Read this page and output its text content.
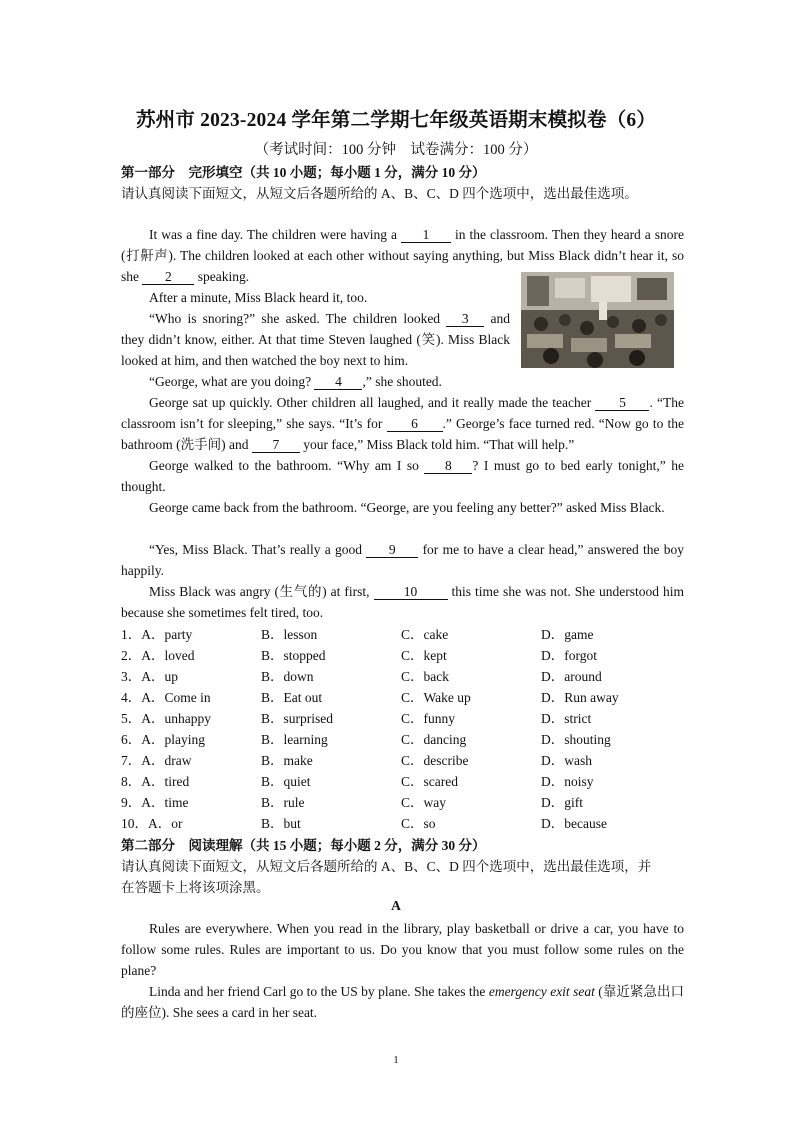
苏州市 2023-2024 学年第二学期七年级英语期末模拟卷（6）
（考试时间：100 分钟　试卷满分：100 分）
第一部分　完形填空（共 10 小题；每小题 1 分，满分 10 分）
请认真阅读下面短文，从短文后各题所给的 A、B、C、D 四个选项中，选出最佳选项。
It was a fine day. The children were having a 1 in the classroom. Then they heard a snore (打鼾声). The children looked at each other without saying anything, but Miss Black didn’t hear it, so she 2 speaking.
After a minute, Miss Black heard it, too.
“Who is snoring?” she asked. The children looked 3 and they didn’t know, either. At that time Steven laughed (笑). Miss Black looked at him, and then watched the boy next to him.
“George, what are you doing? 4 ,” she shouted.
George sat up quickly. Other children all laughed, and it really made the teacher 5 . “The classroom isn’t for sleeping,” she says. “It’s for 6 .” George’s face turned red. “Now go to the bathroom (洗手间) and 7 your face,” Miss Black told him. “That will help.”
George walked to the bathroom. “Why am I so 8 ? I must go to bed early tonight,” he thought.
George came back from the bathroom. “George, are you feeling any better?” asked Miss Black.
“Yes, Miss Black. That’s really a good 9 for me to have a clear head,” answered the boy happily.
Miss Black was angry (生气的) at first,	10	this time she was not. She understood him because she sometimes felt tired, too.
1．A．party	B．lesson	C．cake	D．game
2．A．loved	B．stopped	C．kept	D．forgot
3．A．up	B．down	C．back	D．around
4．A．Come in	B．Eat out	C．Wake up	D．Run away
5．A．unhappy	B．surprised	C．funny	D．strict
6．A．playing	B．learning	C．dancing	D．shouting
7．A．draw	B．make	C．describe	D．wash
8．A．tired	B．quiet	C．scared	D．noisy
9．A．time	B．rule	C．way	D．gift
10．A．or	B．but	C．so	D．because
第二部分　阅读理解（共 15 小题；每小题 2 分，满分 30 分）
请认真阅读下面短文，从短文后各题所给的 A、B、C、D 四个选项中，选出最佳选项，并
在答题卡上将该项涂黑。
A
Rules are everywhere. When you read in the library, play basketball or drive a car, you have to follow some rules. Rules are important to us. Do you know that you must follow some rules on the plane?
Linda and her friend Carl go to the US by plane. She takes the emergency exit seat (靠近紧急出口的座位). She sees a card in her seat.
1
